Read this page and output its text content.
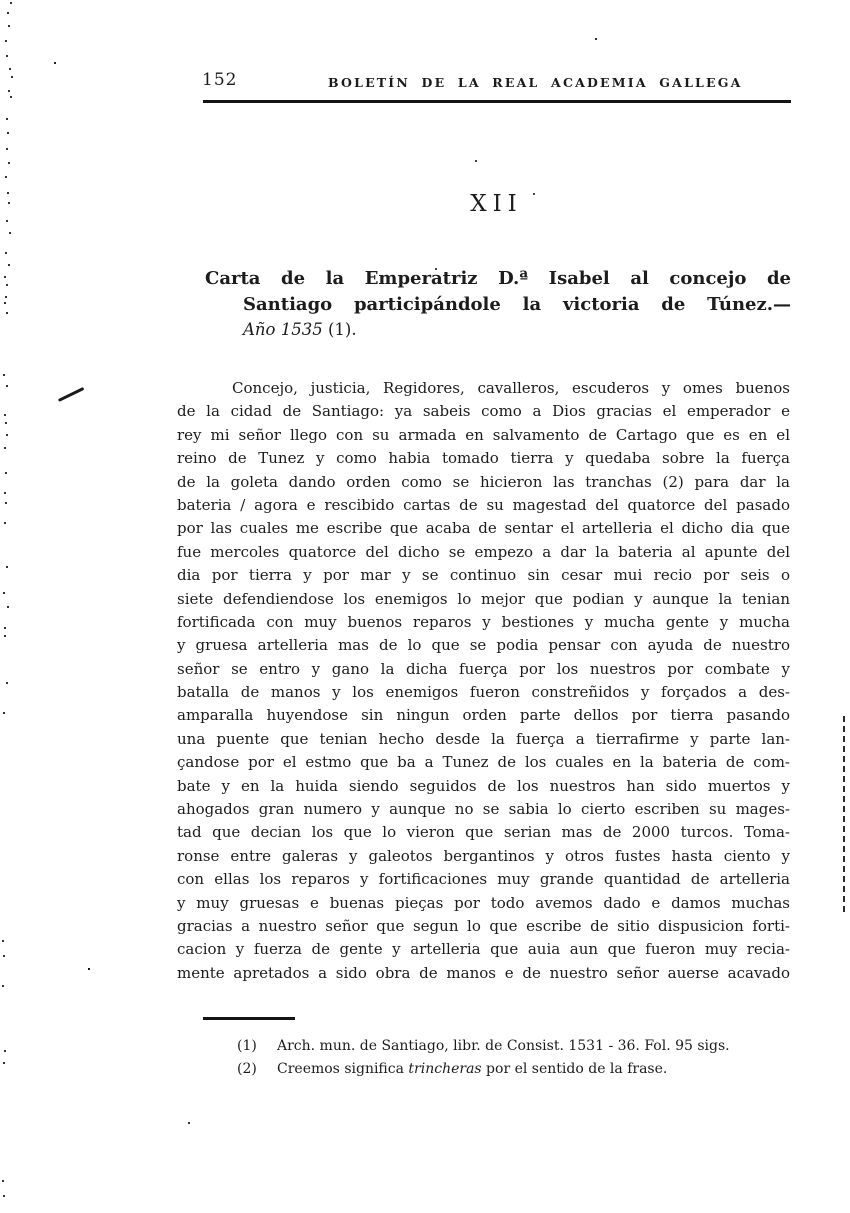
152	BOLETÍN DE LA REAL ACADEMIA GALLEGA
XII
Carta de la Emperatriz D.ª Isabel al concejo de
Santiago participándole la victoria de Túnez.—
Año 1535 (1).
Concejo, justicia, Regidores, cavalleros, escuderos y omes buenos
de la cidad de Santiago: ya sabeis como a Dios gracias el emperador e
rey mi señor llego con su armada en salvamento de Cartago que es en el
reino de Tunez y como habia tomado tierra y quedaba sobre la fuerça
de la goleta dando orden como se hicieron las tranchas (2) para dar la
bateria / agora e rescibido cartas de su magestad del quatorce del pasado
por las cuales me escribe que acaba de sentar el artelleria el dicho dia que
fue mercoles quatorce del dicho se empezo a dar la bateria al apunte del
dia por tierra y por mar y se continuo sin cesar mui recio por seis o
siete defendiendose los enemigos lo mejor que podian y aunque la tenian
fortificada con muy buenos reparos y bestiones y mucha gente y mucha
y gruesa artelleria mas de lo que se podia pensar con ayuda de nuestro
señor se entro y gano la dicha fuerça por los nuestros por combate y
batalla de manos y los enemigos fueron constreñidos y forçados a des-
amparalla huyendose sin ningun orden parte dellos por tierra pasando
una puente que tenian hecho desde la fuerça a tierrafirme y parte lan-
çandose por el estmo que ba a Tunez de los cuales en la bateria de com-
bate y en la huida siendo seguidos de los nuestros han sido muertos y
ahogados gran numero y aunque no se sabia lo cierto escriben su mages-
tad que decian los que lo vieron que serian mas de 2000 turcos. Toma-
ronse entre galeras y galeotos bergantinos y otros fustes hasta ciento y
con ellas los reparos y fortificaciones muy grande quantidad de artelleria
y muy gruesas e buenas pieças por todo avemos dado e damos muchas
gracias a nuestro señor que segun lo que escribe de sitio dispusicion forti-
cacion y fuerza de gente y artelleria que auia aun que fueron muy recia-
mente apretados a sido obra de manos e de nuestro señor auerse acavado
(1) Arch. mun. de Santiago, libr. de Consist. 1531 - 36. Fol. 95 sigs.
(2) Creemos significa trincheras por el sentido de la frase.
